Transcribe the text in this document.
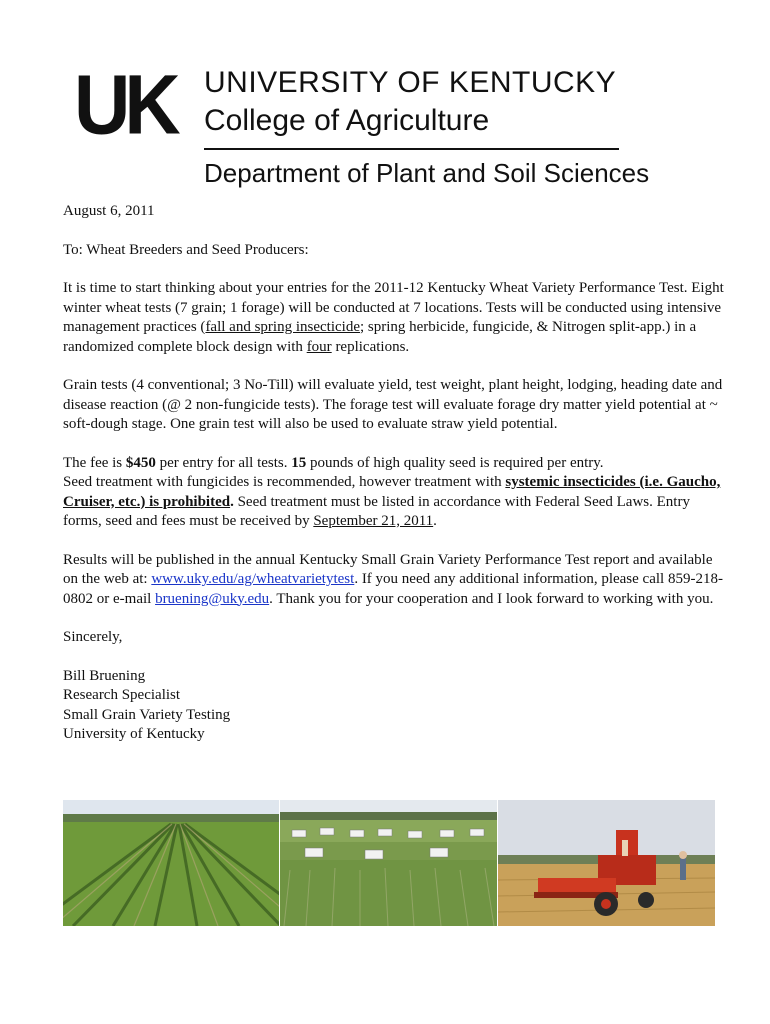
UK UNIVERSITY OF KENTUCKY
College of Agriculture
Department of Plant and Soil Sciences

August 6, 2011

To: Wheat Breeders and Seed Producers:

It is time to start thinking about your entries for the 2011-12 Kentucky Wheat Variety Performance Test. Eight winter wheat tests (7 grain; 1 forage) will be conducted at 7 locations. Tests will be conducted using intensive management practices (fall and spring insecticide; spring herbicide, fungicide, & Nitrogen split-app.) in a randomized complete block design with four replications.

Grain tests (4 conventional; 3 No-Till) will evaluate yield, test weight, plant height, lodging, heading date and disease reaction (@ 2 non-fungicide tests). The forage test will evaluate forage dry matter yield potential at ~ soft-dough stage. One grain test will also be used to evaluate straw yield potential.

The fee is $450 per entry for all tests. 15 pounds of high quality seed is required per entry.
Seed treatment with fungicides is recommended, however treatment with systemic insecticides (i.e. Gaucho, Cruiser, etc.) is prohibited. Seed treatment must be listed in accordance with Federal Seed Laws. Entry forms, seed and fees must be received by September 21, 2011.

Results will be published in the annual Kentucky Small Grain Variety Performance Test report and available on the web at: www.uky.edu/ag/wheatvarietytest. If you need any additional information, please call 859-218-0802 or e-mail bruening@uky.edu. Thank you for your cooperation and I look forward to working with you.

Sincerely,

Bill Bruening

Research Specialist

Small Grain Variety Testing

University of Kentucky
